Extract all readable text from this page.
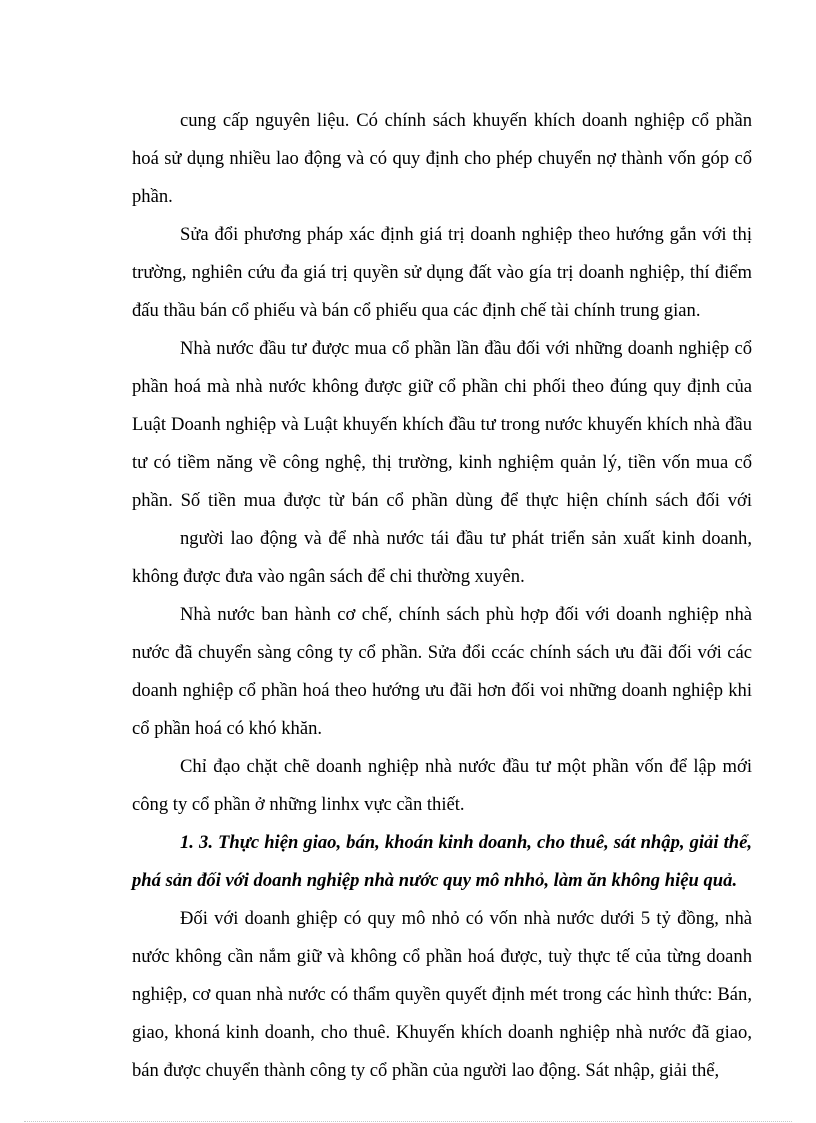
cung cấp nguyên liệu. Có chính sách khuyến khích doanh nghiệp cổ phần
hoá sử dụng nhiều lao động và có quy định cho phép chuyển nợ thành vốn góp cổ
phần.
Sửa đổi phương pháp xác định giá trị doanh nghiệp theo hướng gắn với thị
trường, nghiên cứu đa giá trị quyền sử dụng đất vào gía trị doanh nghiệp, thí điểm
đấu thầu bán cổ phiếu và bán cổ phiếu qua các định chế tài chính trung gian.
Nhà nước đầu tư được mua cổ phần lần đầu đối với những doanh nghiệp cổ
phần hoá mà nhà nước không được giữ cổ phần chi phối theo đúng quy định của
Luật Doanh nghiệp và Luật khuyến khích đầu tư trong nước khuyến khích nhà đầu
tư có tiềm năng về công nghệ, thị trường, kinh nghiệm quản lý, tiền vốn mua cổ
phần. Số tiền mua được từ bán cổ phần dùng để thực hiện chính sách đối với
người lao động và để nhà nước tái đầu tư phát triển sản xuất kinh doanh,
không được đưa vào ngân sách để chi thường xuyên.
Nhà nước ban hành cơ chế, chính sách phù hợp đối với doanh nghiệp nhà
nước đã chuyển sàng công ty cổ phần. Sửa đổi ccác chính sách ưu đãi đối với các
doanh nghiệp cổ phần hoá theo hướng ưu đãi hơn đối voi những doanh nghiệp khi
cổ phần hoá có khó khăn.
Chỉ đạo chặt chẽ doanh nghiệp nhà nước đầu tư một phần vốn để lập mới
công ty cổ phần ở những linhx vực cần thiết.
1. 3. Thực hiện giao, bán, khoán kinh doanh, cho thuê, sát nhập, giải thể,
phá sản đối với doanh nghiệp nhà nước quy mô nhhỏ, làm ăn không hiệu quả.
Đối với doanh ghiệp có quy mô nhỏ có vốn nhà nước dưới 5 tỷ đồng, nhà
nước không cần nắm giữ và không cổ phần hoá được, tuỳ thực tế của từng doanh
nghiệp, cơ quan nhà nước có thẩm quyền quyết định mét trong các hình thức: Bán,
giao, khoná kinh doanh, cho thuê. Khuyến khích doanh nghiệp nhà nước đã giao,
bán được chuyển thành công ty cổ phần của người lao động. Sát nhập, giải thể,
